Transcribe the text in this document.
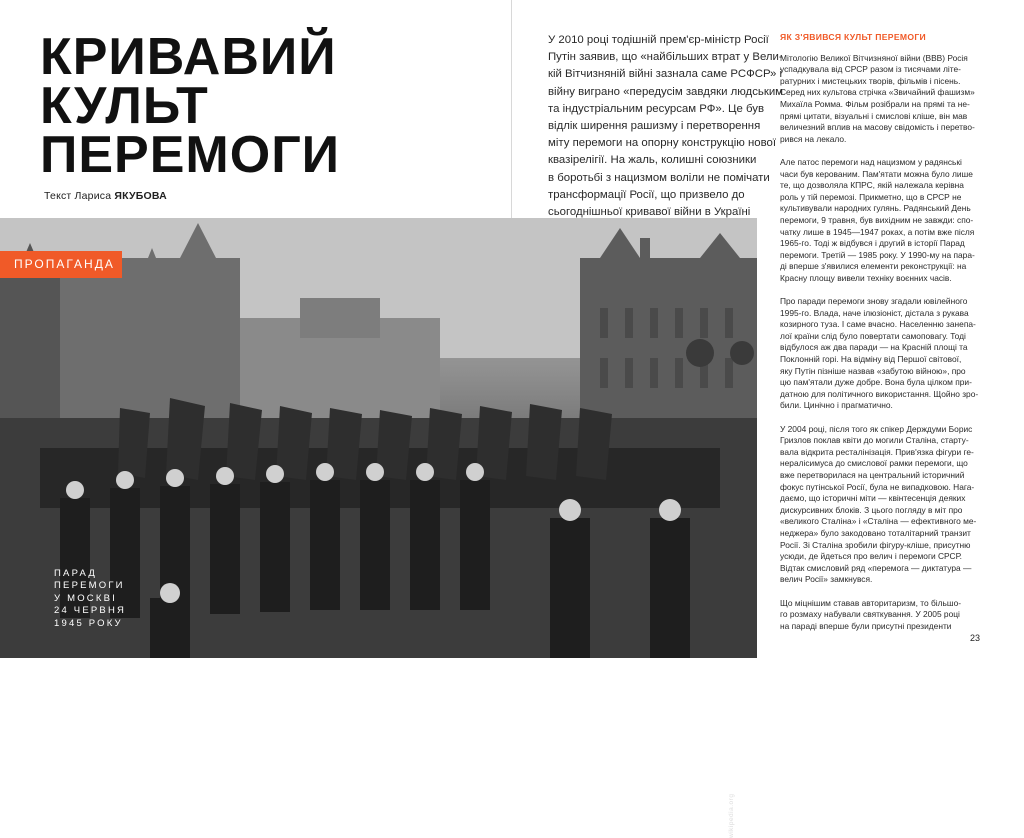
КРИВАВИЙ
КУЛЬТ
ПЕРЕМОГИ
Текст Лариса ЯКУБОВА
У 2010 році тодішній прем'єр-міністр Росії
Путін заявив, що «найбільших втрат у Вели-
кій Вітчизняній війні зазнала саме РСФСР» і
війну виграно «передусім завдяки людським
та індустріальним ресурсам РФ». Це був
відлік ширення рашизму і перетворення
міту перемоги на опорну конструкцію нової
квазірелігії. На жаль, колишні союзники
в боротьбі з нацизмом воліли не помічати
трансформації Росії, що призвело до
сьогоднішньої кривавої війни в Україні
wikipedia.org
ПРОПАГАНДА
ПАРАД
ПЕРЕМОГИ
У МОСКВІ
24 ЧЕРВНЯ
1945 РОКУ
ЯК З'ЯВИВСЯ КУЛЬТ ПЕРЕМОГИ

Мітологію Великої Вітчизняної війни (ВВВ) Росія
успадкувала від СРСР разом із тисячами літе-
ратурних і мистецьких творів, фільмів і пісень.
Серед них культова стрічка «Звичайний фашизм»
Михаїла Ромма. Фільм розібрали на прямі та не-
прямі цитати, візуальні і смислові кліше, він мав
величезний вплив на масову свідомість і перетво-
рився на лекало.

Але патос перемоги над нацизмом у радянські
часи був керованим. Пам'ятати можна було лише
те, що дозволяла КПРС, якій належала керівна
роль у тій перемозі. Прикметно, що в СРСР не
культивували народних гулянь. Радянський День
перемоги, 9 травня, був вихідним не завжди: спо-
чатку лише в 1945—1947 роках, а потім вже після
1965-го. Тоді ж відбувся і другий в історії Парад
перемоги. Третій — 1985 року. У 1990-му на пара-
ді вперше з'явилися елементи реконструкції: на
Красну площу вивели техніку воєнних часів.

Про паради перемоги знову згадали ювілейного
1995-го. Влада, наче ілюзіоніст, дістала з рукава
козирного туза. І саме вчасно. Населенню занепа-
лої країни слід було повертати самоповагу. Тоді
відбулося аж два паради — на Красній площі та
Поклонній горі. На відміну від Першої світової,
яку Путін пізніше назвав «забутою війною», про
цю пам'ятали дуже добре. Вона була цілком при-
датною для політичного використання. Щойно зро-
били. Цинічно і прагматично.

У 2004 році, після того як спікер Держдуми Борис
Гризлов поклав квіти до могили Сталіна, старту-
вала відкрита реcталінізація. Прив'язка фігури ге-
нералісимуса до смислової рамки перемоги, що
вже перетворилася на центральний історичний
фокус путінської Росії, була не випадковою. Нага-
даємо, що історичні міти — квінтесенція деяких
дискурсивних блоків. З цього погляду в міт про
«великого Сталіна» і «Сталіна — ефективного ме-
неджера» було закодовано тоталітарний транзит
Росії. Зі Сталіна зробили фігуру-кліше, присутню
усюди, де йдеться про велич і перемоги СРСР.
Відтак смисловий ряд «перемога — диктатура —
велич Росії» замкнувся.

Що міцнішим ставав авторитаризм, то більшо-
го розмаху набували святкування. У 2005 році
на параді вперше були присутні президенти

23
